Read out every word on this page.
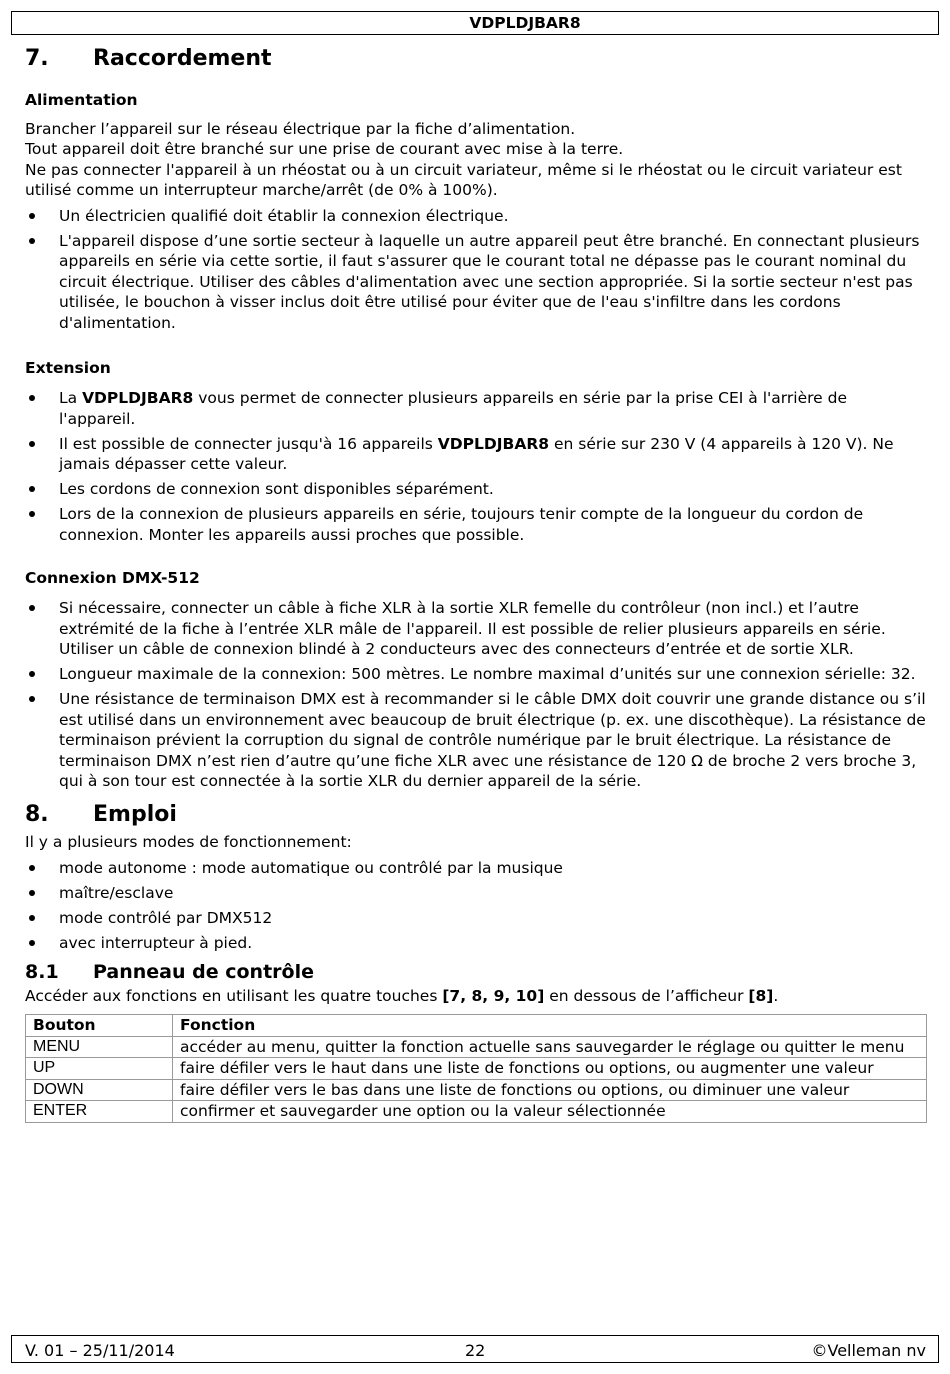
VDPLDJBAR8
7.	Raccordement
Alimentation

Brancher l’appareil sur le réseau électrique par la fiche d’alimentation.

Tout appareil doit être branché sur une prise de courant avec mise à la terre.

Ne pas connecter l'appareil à un rhéostat ou à un circuit variateur, même si le rhéostat ou le circuit variateur est utilisé comme un interrupteur marche/arrêt (de 0% à 100%).

Un électricien qualifié doit établir la connexion électrique.
L'appareil dispose d’une sortie secteur à laquelle un autre appareil peut être branché. En connectant plusieurs appareils en série via cette sortie, il faut s'assurer que le courant total ne dépasse pas le courant nominal du circuit électrique. Utiliser des câbles d'alimentation avec une section appropriée. Si la sortie secteur n'est pas utilisée, le bouchon à visser inclus doit être utilisé pour éviter que de l'eau s'infiltre dans les cordons d'alimentation.
Extension
La VDPLDJBAR8 vous permet de connecter plusieurs appareils en série par la prise CEI à l'arrière de l'appareil.
Il est possible de connecter jusqu'à 16 appareils VDPLDJBAR8 en série sur 230 V (4 appareils à 120 V). Ne jamais dépasser cette valeur.
Les cordons de connexion sont disponibles séparément.
Lors de la connexion de plusieurs appareils en série, toujours tenir compte de la longueur du cordon de connexion. Monter les appareils aussi proches que possible.
Connexion DMX-512
Si nécessaire, connecter un câble à fiche XLR à la sortie XLR femelle du contrôleur (non incl.) et l’autre extrémité de la fiche à l’entrée XLR mâle de l'appareil. Il est possible de relier plusieurs appareils en série. Utiliser un câble de connexion blindé à 2 conducteurs avec des connecteurs d’entrée et de sortie XLR.
Longueur maximale de la connexion: 500 mètres. Le nombre maximal d’unités sur une connexion sérielle: 32.
Une résistance de terminaison DMX est à recommander si le câble DMX doit couvrir une grande distance ou s’il est utilisé dans un environnement avec beaucoup de bruit électrique (p. ex. une discothèque). La résistance de terminaison prévient la corruption du signal de contrôle numérique par le bruit électrique. La résistance de terminaison DMX n’est rien d’autre qu’une fiche XLR avec une résistance de 120 Ω de broche 2 vers broche 3, qui à son tour est connectée à la sortie XLR du dernier appareil de la série.
8.	Emploi

Il y a plusieurs modes de fonctionnement:

mode autonome : mode automatique ou contrôlé par la musique
maître/esclave
mode contrôlé par DMX512
avec interrupteur à pied.
8.1	Panneau de contrôle

Accéder aux fonctions en utilisant les quatre touches [7, 8, 9, 10] en dessous de l’afficheur [8].

Bouton	Fonction
MENU	accéder au menu, quitter la fonction actuelle sans sauvegarder le réglage ou quitter le menu
UP	faire défiler vers le haut dans une liste de fonctions ou options, ou augmenter une valeur
DOWN	faire défiler vers le bas dans une liste de fonctions ou options, ou diminuer une valeur
ENTER	confirmer et sauvegarder une option ou la valeur sélectionnée
V. 01 – 25/11/2014	22	©Velleman nv
